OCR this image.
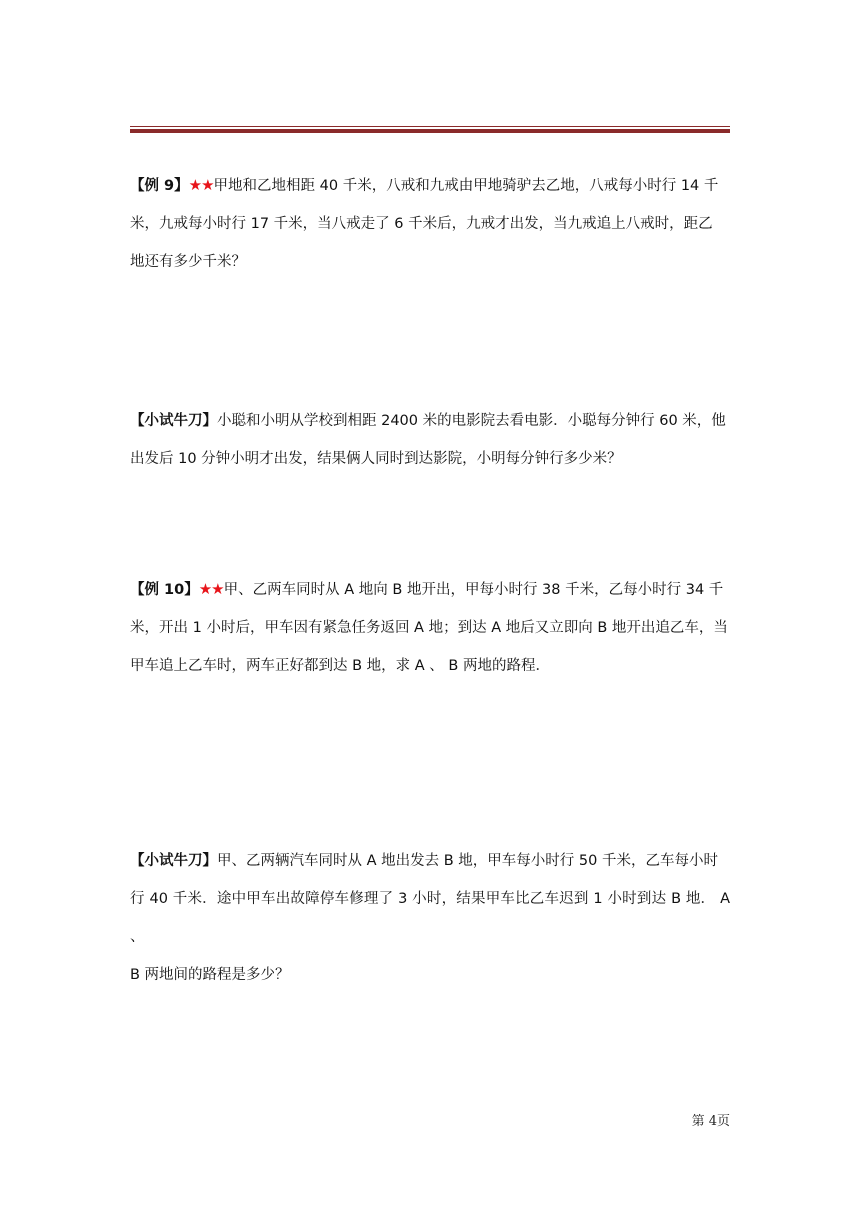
【例 9】★★甲地和乙地相距 40 千米，八戒和九戒由甲地骑驴去乙地，八戒每小时行 14 千

米，九戒每小时行 17 千米，当八戒走了 6 千米后，九戒才出发，当九戒追上八戒时，距乙

地还有多少千米？

【小试牛刀】小聪和小明从学校到相距 2400 米的电影院去看电影．小聪每分钟行 60 米，他

出发后 10 分钟小明才出发，结果俩人同时到达影院，小明每分钟行多少米？

【例 10】★★甲、乙两车同时从 A 地向 B 地开出，甲每小时行 38 千米，乙每小时行 34 千

米，开出 1 小时后，甲车因有紧急任务返回 A 地；到达 A 地后又立即向 B 地开出追乙车，当

甲车追上乙车时，两车正好都到达 B 地，求 A 、 B 两地的路程．

【小试牛刀】甲、乙两辆汽车同时从 A 地出发去 B 地，甲车每小时行 50 千米，乙车每小时

行 40 千米．途中甲车出故障停车修理了 3 小时，结果甲车比乙车迟到 1 小时到达 B 地． A 、

B 两地间的路程是多少？

第 4页
